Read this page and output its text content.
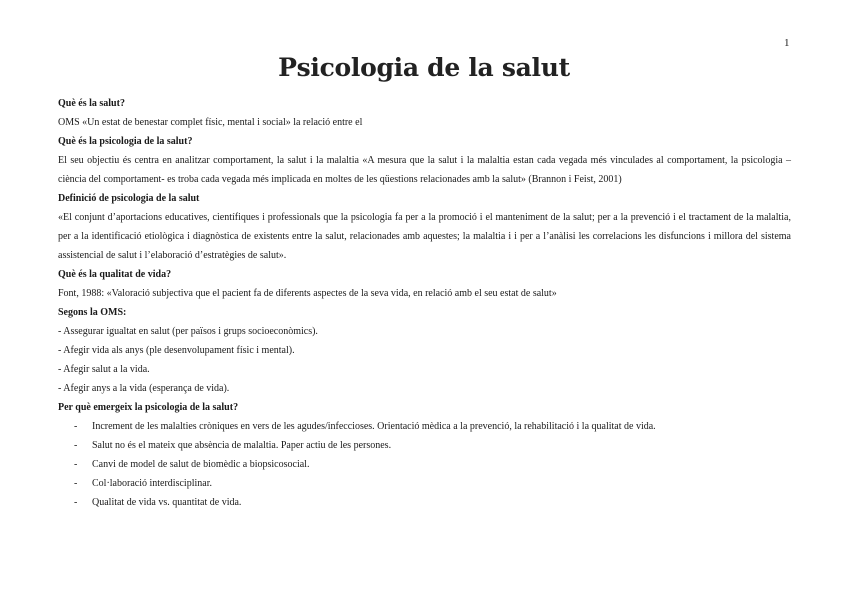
1
Psicologia de la salut

Què és la salut?

OMS «Un estat de benestar complet físic, mental i social» la relació entre el

Què és la psicologia de la salut?

El seu objectiu és centra en analitzar comportament, la salut i la malaltia «A mesura que la salut i la malaltia estan cada vegada més vinculades al comportament, la psicologia –ciència del comportament- es troba cada vegada més implicada en moltes de les qüestions relacionades amb la salut» (Brannon i Feist, 2001)

Definició de psicologia de la salut

«El conjunt d’aportacions educatives, científiques i professionals que la psicologia fa per a la promoció i el manteniment de la salut; per a la prevenció i el tractament de la malaltia, per a la identificació etiològica i diagnòstica de existents entre la salut, relacionades amb aquestes; la malaltia i i per a l’anàlisi les correlacions les disfuncions i millora del sistema assistencial de salut i l’elaboració d’estratègies de salut».

Què és la qualitat de vida?

Font, 1988: «Valoració subjectiva que el pacient fa de diferents aspectes de la seva vida, en relació amb el seu estat de salut»

Segons la OMS:

- Assegurar igualtat en salut (per països i grups socioeconòmics).

- Afegir vida als anys (ple desenvolupament físic i mental).

- Afegir salut a la vida.

- Afegir anys a la vida (esperança de vida).

Per què emergeix la psicologia de la salut?

- Increment de les malalties cròniques en vers de les agudes/infeccioses. Orientació mèdica a la prevenció, la rehabilitació i la qualitat de vida.
- Salut no és el mateix que absència de malaltia. Paper actiu de les persones.
- Canvi de model de salut de biomèdic a biopsicosocial.
- Col·laboració interdisciplinar.
- Qualitat de vida vs. quantitat de vida.
